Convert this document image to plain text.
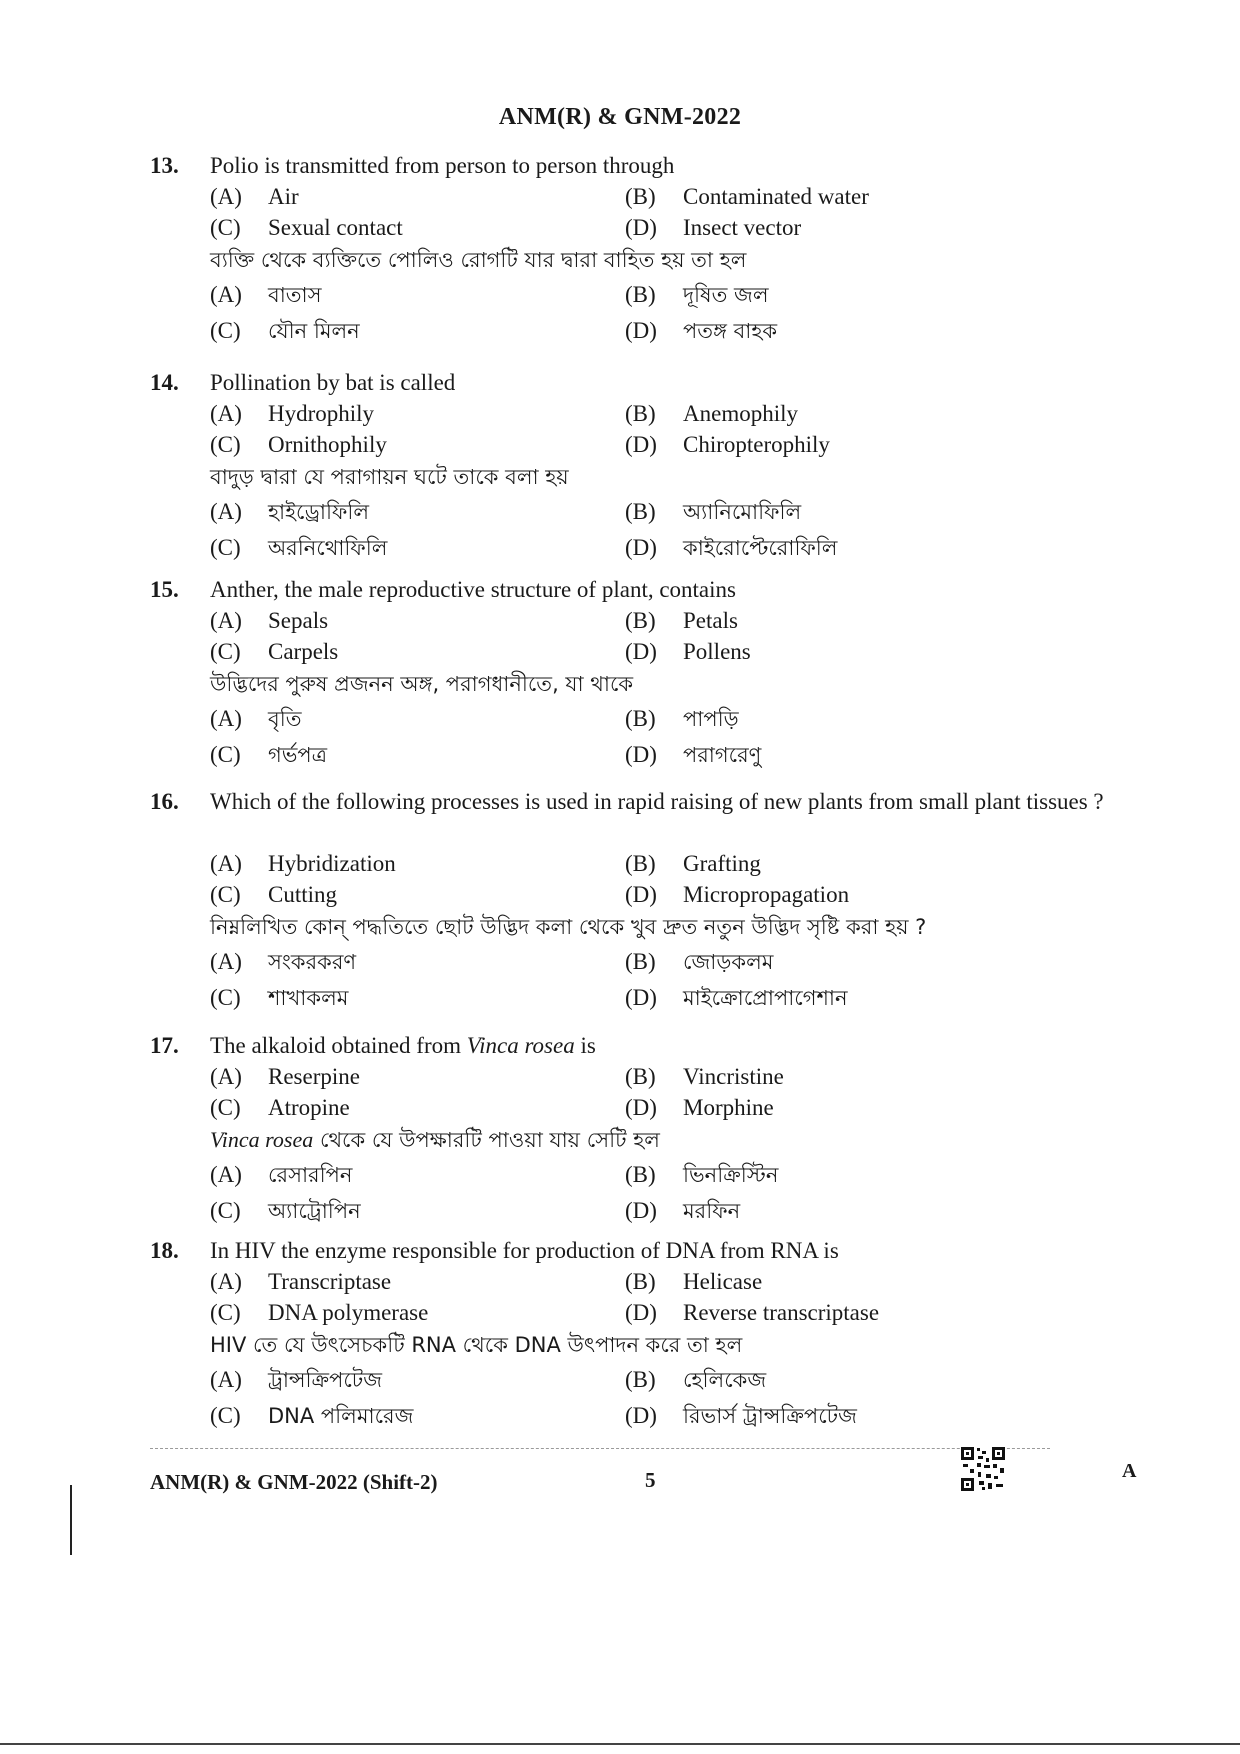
ANM(R) & GNM-2022
13. Polio is transmitted from person to person through
(A) Air	(B) Contaminated water
(C) Sexual contact	(D) Insect vector
ব্যক্তি থেকে ব্যক্তিতে পোলিও রোগটি যার দ্বারা বাহিত হয় তা হল
(A) বাতাস	(B) দূষিত জল
(C) যৌন মিলন	(D) পতঙ্গ বাহক
14. Pollination by bat is called
(A) Hydrophily	(B) Anemophily
(C) Ornithophily	(D) Chiropterophily
বাদুড় দ্বারা যে পরাগায়ন ঘটে তাকে বলা হয়
(A) হাইড্রোফিলি	(B) অ্যানিমোফিলি
(C) অরনিথোফিলি	(D) কাইরোপ্টেরোফিলি
15. Anther, the male reproductive structure of plant, contains
(A) Sepals	(B) Petals
(C) Carpels	(D) Pollens
উদ্ভিদের পুরুষ প্রজনন অঙ্গ, পরাগধানীতে, যা থাকে
(A) বৃতি	(B) পাপড়ি
(C) গর্ভপত্র	(D) পরাগরেণু
16. Which of the following processes is used in rapid raising of new plants from small plant tissues ?
(A) Hybridization	(B) Grafting
(C) Cutting	(D) Micropropagation
নিম্নলিখিত কোন্‌ পদ্ধতিতে ছোট উদ্ভিদ কলা থেকে খুব দ্রুত নতুন উদ্ভিদ সৃষ্টি করা হয় ?
(A) সংকরকরণ	(B) জোড়কলম
(C) শাখাকলম	(D) মাইক্রোপ্রোপাগেশান
17. The alkaloid obtained from Vinca rosea is
(A) Reserpine	(B) Vincristine
(C) Atropine	(D) Morphine
Vinca rosea থেকে যে উপক্ষারটি পাওয়া যায় সেটি হল
(A) রেসারপিন	(B) ভিনক্রিস্টিন
(C) অ্যাট্রোপিন	(D) মরফিন
18. In HIV the enzyme responsible for production of DNA from RNA is
(A) Transcriptase	(B) Helicase
(C) DNA polymerase	(D) Reverse transcriptase
HIV তে যে উৎসেচকটি RNA থেকে DNA উৎপাদন করে তা হল
(A) ট্রান্সক্রিপটেজ	(B) হেলিকেজ
(C) DNA পলিমারেজ	(D) রিভার্স ট্রান্সক্রিপটেজ
ANM(R) & GNM-2022 (Shift-2)	5	A
